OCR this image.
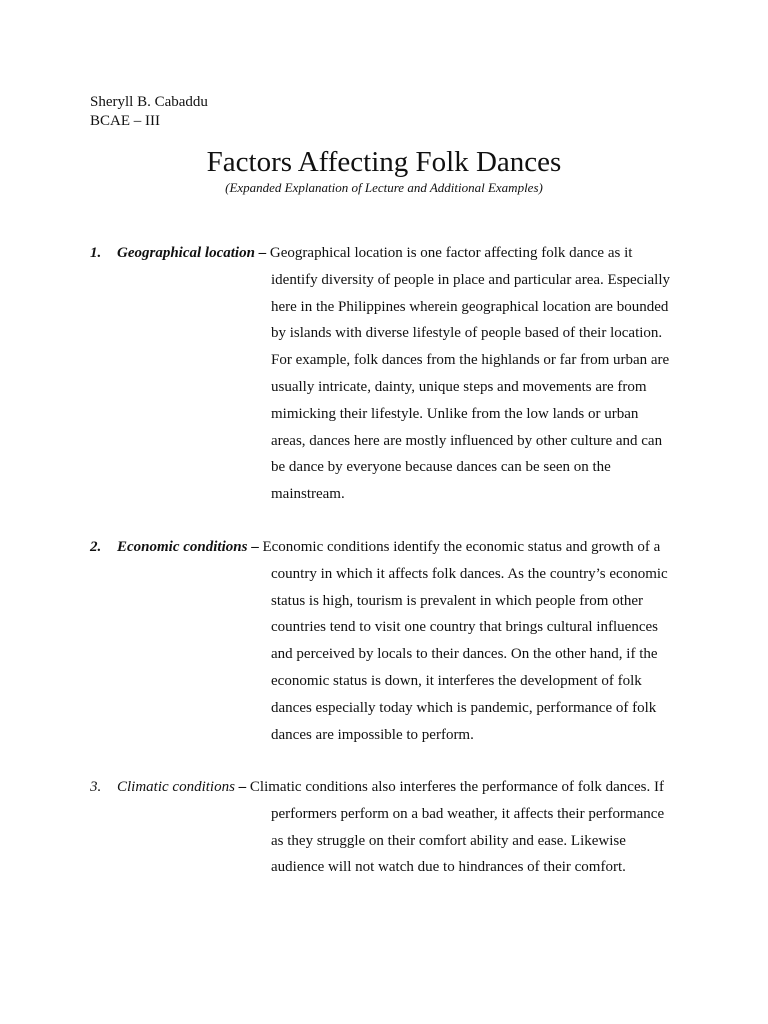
Sheryll B. Cabaddu
BCAE – III
Factors Affecting Folk Dances
(Expanded Explanation of Lecture and Additional Examples)
1. Geographical location – Geographical location is one factor affecting folk dance as it
identify diversity of people in place and particular area. Especially
here in the Philippines wherein geographical location are bounded
by islands with diverse lifestyle of people based of their location.
For example, folk dances from the highlands or far from urban are
usually intricate, dainty, unique steps and movements are from
mimicking their lifestyle. Unlike from the low lands or urban
areas, dances here are mostly influenced by other culture and can
be dance by everyone because dances can be seen on the
mainstream.
2. Economic conditions – Economic conditions identify the economic status and growth of a
country in which it affects folk dances. As the country’s economic
status is high, tourism is prevalent in which people from other
countries tend to visit one country that brings cultural influences
and perceived by locals to their dances. On the other hand, if the
economic status is down, it interferes the development of folk
dances especially today which is pandemic, performance of folk
dances are impossible to perform.
3. Climatic conditions – Climatic conditions also interferes the performance of folk dances. If
performers perform on a bad weather, it affects their performance
as they struggle on their comfort ability and ease. Likewise
audience will not watch due to hindrances of their comfort.
